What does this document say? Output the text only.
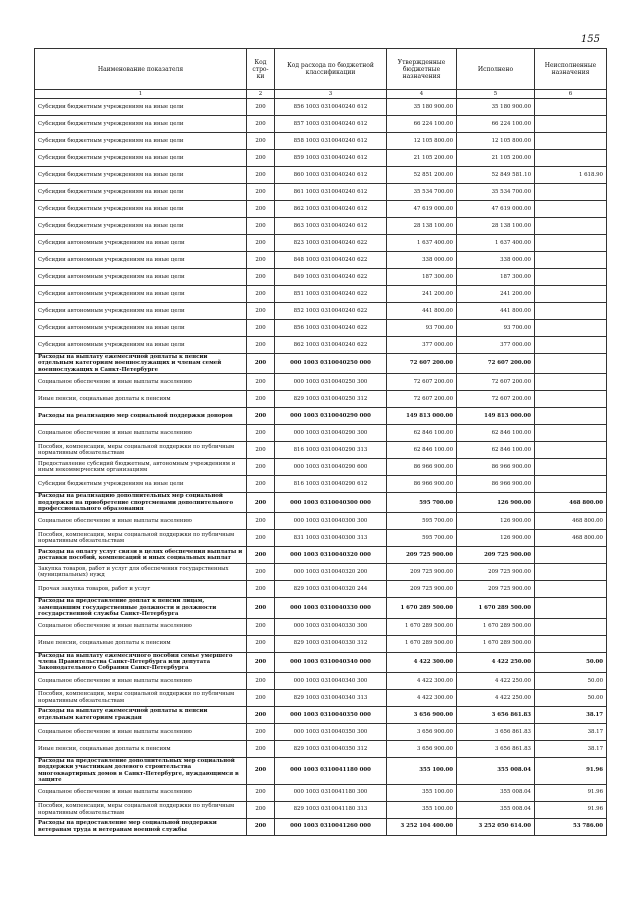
155
Наименование показателя	Код стро-ки	Код расхода по бюджетной классификации	Утвержденные бюджетные назначения	Исполнено	Неисполненные назначения
1	2	3	4	5	6
Субсидии бюджетным учреждениям на иные цели	200	856 1003 0310040240 612	35 180 900.00	35 180 900.00	
Субсидии бюджетным учреждениям на иные цели	200	857 1003 0310040240 612	66 224 100.00	66 224 100.00	
Субсидии бюджетным учреждениям на иные цели	200	858 1003 0310040240 612	12 105 800.00	12 105 800.00	
Субсидии бюджетным учреждениям на иные цели	200	859 1003 0310040240 612	21 105 200.00	21 105 200.00	
Субсидии бюджетным учреждениям на иные цели	200	860 1003 0310040240 612	52 851 200.00	52 849 581.10	1 618.90
Субсидии бюджетным учреждениям на иные цели	200	861 1003 0310040240 612	35 534 700.00	35 534 700.00	
Субсидии бюджетным учреждениям на иные цели	200	862 1003 0310040240 612	47 619 000.00	47 619 000.00	
Субсидии бюджетным учреждениям на иные цели	200	863 1003 0310040240 612	28 138 100.00	28 138 100.00	
Субсидии автономным учреждениям на иные цели	200	823 1003 0310040240 622	1 637 400.00	1 637 400.00	
Субсидии автономным учреждениям на иные цели	200	848 1003 0310040240 622	338 000.00	338 000.00	
Субсидии автономным учреждениям на иные цели	200	849 1003 0310040240 622	187 300.00	187 300.00	
Субсидии автономным учреждениям на иные цели	200	851 1003 0310040240 622	241 200.00	241 200.00	
Субсидии автономным учреждениям на иные цели	200	852 1003 0310040240 622	441 800.00	441 800.00	
Субсидии автономным учреждениям на иные цели	200	856 1003 0310040240 622	93 700.00	93 700.00	
Субсидии автономным учреждениям на иные цели	200	862 1003 0310040240 622	377 000.00	377 000.00	
Расходы на выплату ежемесячной доплаты к пенсии отдельным категориям военнослужащих и членам семей военнослужащих в Санкт-Петербурге	200	000 1003 0310040250 000	72 607 200.00	72 607 200.00	
Социальное обеспечение и иные выплаты населению	200	000 1003 0310040250 300	72 607 200.00	72 607 200.00	
Иные пенсии, социальные доплаты к пенсиям	200	829 1003 0310040250 312	72 607 200.00	72 607 200.00	
Расходы на реализацию мер социальной поддержки доноров	200	000 1003 0310040290 000	149 813 000.00	149 813 000.00	
Социальное обеспечение и иные выплаты населению	200	000 1003 0310040290 300	62 846 100.00	62 846 100.00	
Пособия, компенсации, меры социальной поддержки по публичным нормативным обязательствам	200	816 1003 0310040290 313	62 846 100.00	62 846 100.00	
Предоставление субсидий бюджетным, автономным учреждениям и иным некоммерческим организациям	200	000 1003 0310040290 600	86 966 900.00	86 966 900.00	
Субсидии бюджетным учреждениям на иные цели	200	816 1003 0310040290 612	86 966 900.00	86 966 900.00	
Расходы на реализацию дополнительных мер социальной поддержки на приобретение спортсменами дополнительного профессионального образования	200	000 1003 0310040300 000	595 700.00	126 900.00	468 800.00
Социальное обеспечение и иные выплаты населению	200	000 1003 0310040300 300	595 700.00	126 900.00	468 800.00
Пособия, компенсации, меры социальной поддержки по публичным нормативным обязательствам	200	831 1003 0310040300 313	595 700.00	126 900.00	468 800.00
Расходы на оплату услуг связи в целях обеспечения выплаты и доставки пособий, компенсаций и иных социальных выплат	200	000 1003 0310040320 000	209 725 900.00	209 725 900.00	
Закупка товаров, работ и услуг для обеспечения государственных (муниципальных) нужд	200	000 1003 0310040320 200	209 725 900.00	209 725 900.00	
Прочая закупка товаров, работ и услуг	200	829 1003 0310040320 244	209 725 900.00	209 725 900.00	
Расходы на предоставление доплат к пенсии лицам, замещавшим государственные должности и должности государственной службы Санкт-Петербурга	200	000 1003 0310040330 000	1 670 289 500.00	1 670 289 500.00	
Социальное обеспечение и иные выплаты населению	200	000 1003 0310040330 300	1 670 289 500.00	1 670 289 500.00	
Иные пенсии, социальные доплаты к пенсиям	200	829 1003 0310040330 312	1 670 289 500.00	1 670 289 500.00	
Расходы на выплату ежемесячного пособия семье умершего члена Правительства Санкт-Петербурга или депутата Законодательного Собрания Санкт-Петербурга	200	000 1003 0310040340 000	4 422 300.00	4 422 250.00	50.00
Социальное обеспечение и иные выплаты населению	200	000 1003 0310040340 300	4 422 300.00	4 422 250.00	50.00
Пособия, компенсации, меры социальной поддержки по публичным нормативным обязательствам	200	829 1003 0310040340 313	4 422 300.00	4 422 250.00	50.00
Расходы на выплату ежемесячной доплаты к пенсии отдельным категориям граждан	200	000 1003 0310040350 000	3 656 900.00	3 656 861.83	38.17
Социальное обеспечение и иные выплаты населению	200	000 1003 0310040350 300	3 656 900.00	3 656 861.83	38.17
Иные пенсии, социальные доплаты к пенсиям	200	829 1003 0310040350 312	3 656 900.00	3 656 861.83	38.17
Расходы на предоставление дополнительных мер социальной поддержки участникам долевого строительства многоквартирных домов в Санкт-Петербурге, нуждающимся в защите	200	000 1003 0310041180 000	355 100.00	355 008.04	91.96
Социальное обеспечение и иные выплаты населению	200	000 1003 0310041180 300	355 100.00	355 008.04	91.96
Пособия, компенсации, меры социальной поддержки по публичным нормативным обязательствам	200	829 1003 0310041180 313	355 100.00	355 008.04	91.96
Расходы на предоставление мер социальной поддержки ветеранам труда и ветеранам военной службы	200	000 1003 0310041260 000	3 252 104 400.00	3 252 050 614.00	53 786.00
